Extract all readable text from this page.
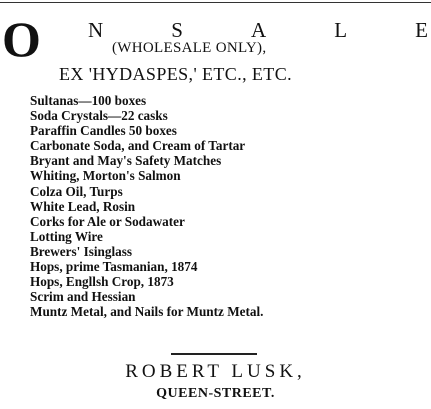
O N	S	A	L	E
(WHOLESALE ONLY),
EX 'HYDASPES,' ETC., ETC.
Sultanas—100 boxes
Soda Crystals—22 casks
Paraffin Candles 50 boxes
Carbonate Soda, and Cream of Tartar
Bryant and May's Safety Matches
Whiting, Morton's Salmon
Colza Oil, Turps
White Lead, Rosin
Corks for Ale or Sodawater
Lotting Wire
Brewers' Isinglass
Hops, prime Tasmanian, 1874
Hops, Engllsh Crop, 1873
Scrim and Hessian
Muntz Metal, and Nails for Muntz Metal.
ROBERT LUSK,
QUEEN-STREET.
